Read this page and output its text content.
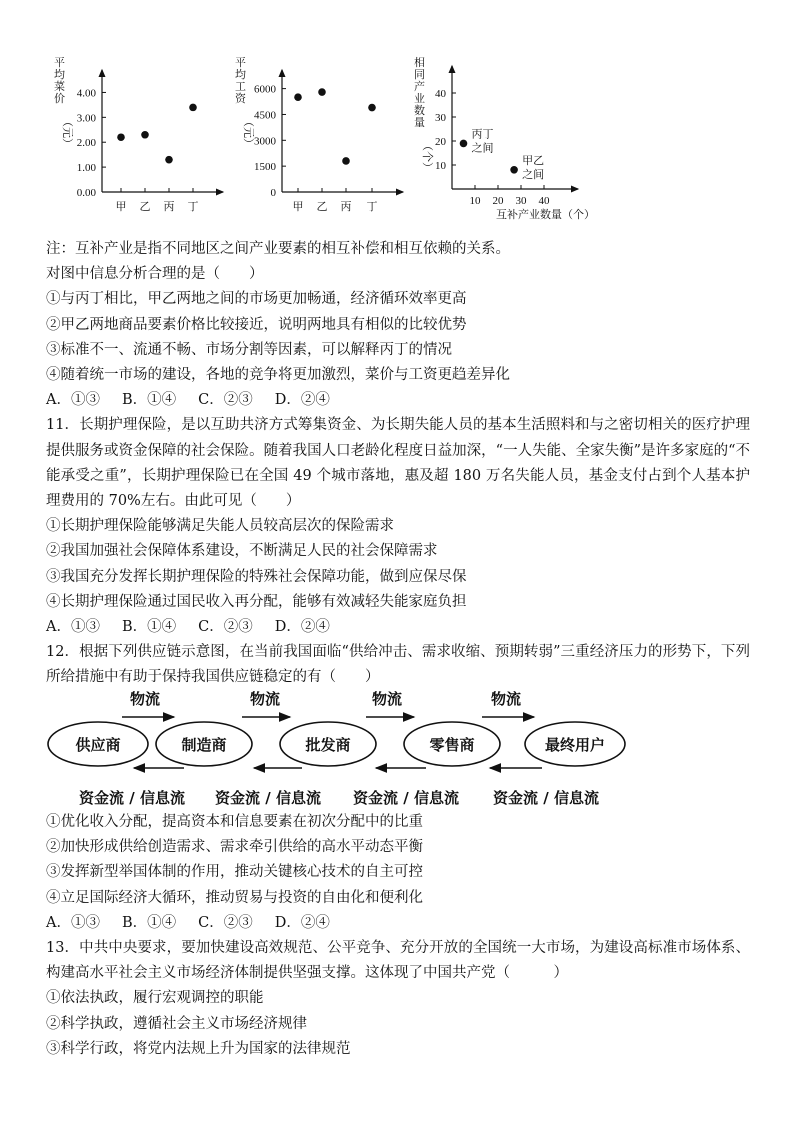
平
均
菜
价
（元）
4.00
3.00
2.00
1.00
0.00
甲 乙 丙 丁
平
均
工
资
（元）
6000
4500
3000
1500
0
甲 乙 丙 丁
相
同
产
业
数
量
（个）
40
30
20
10
10 20 30 40
丙丁
之间
甲乙
之间
互补产业数量（个）
注：互补产业是指不同地区之间产业要素的相互补偿和相互依赖的关系。
对图中信息分析合理的是（　　）
①与丙丁相比，甲乙两地之间的市场更加畅通，经济循环效率更高
②甲乙两地商品要素价格比较接近，说明两地具有相似的比较优势
③标准不一、流通不畅、市场分割等因素，可以解释丙丁的情况
④随着统一市场的建设，各地的竞争将更加激烈，菜价与工资更趋差异化
A．①③ B．①④ C．②③ D．②④
11．长期护理保险，是以互助共济方式筹集资金、为长期失能人员的基本生活照料和与之密切相关的医疗护理提供服务或资金保障的社会保险。随着我国人口老龄化程度日益加深，“一人失能、全家失衡”是许多家庭的“不能承受之重”，长期护理保险已在全国 49 个城市落地，惠及超 180 万名失能人员，基金支付占到个人基本护理费用的 70%左右。由此可见（　　）
①长期护理保险能够满足失能人员较高层次的保险需求
②我国加强社会保障体系建设，不断满足人民的社会保障需求
③我国充分发挥长期护理保险的特殊社会保障功能，做到应保尽保
④长期护理保险通过国民收入再分配，能够有效减轻失能家庭负担
A．①③ B．①④ C．②③ D．②④
12．根据下列供应链示意图，在当前我国面临“供给冲击、需求收缩、预期转弱”三重经济压力的形势下，下列所给措施中有助于保持我国供应链稳定的有（　　）
供应商	制造商	批发商	零售商	最终用户
物流	物流	物流	物流
资金流 / 信息流 资金流 / 信息流 资金流 / 信息流 资金流 / 信息流
①优化收入分配，提高资本和信息要素在初次分配中的比重
②加快形成供给创造需求、需求牵引供给的高水平动态平衡
③发挥新型举国体制的作用，推动关键核心技术的自主可控
④立足国际经济大循环，推动贸易与投资的自由化和便利化
A．①③ B．①④ C．②③ D．②④
13．中共中央要求，要加快建设高效规范、公平竞争、充分开放的全国统一大市场，为建设高标准市场体系、构建高水平社会主义市场经济体制提供坚强支撑。这体现了中国共产党（　　　）
①依法执政，履行宏观调控的职能
②科学执政，遵循社会主义市场经济规律
③科学行政，将党内法规上升为国家的法律规范
